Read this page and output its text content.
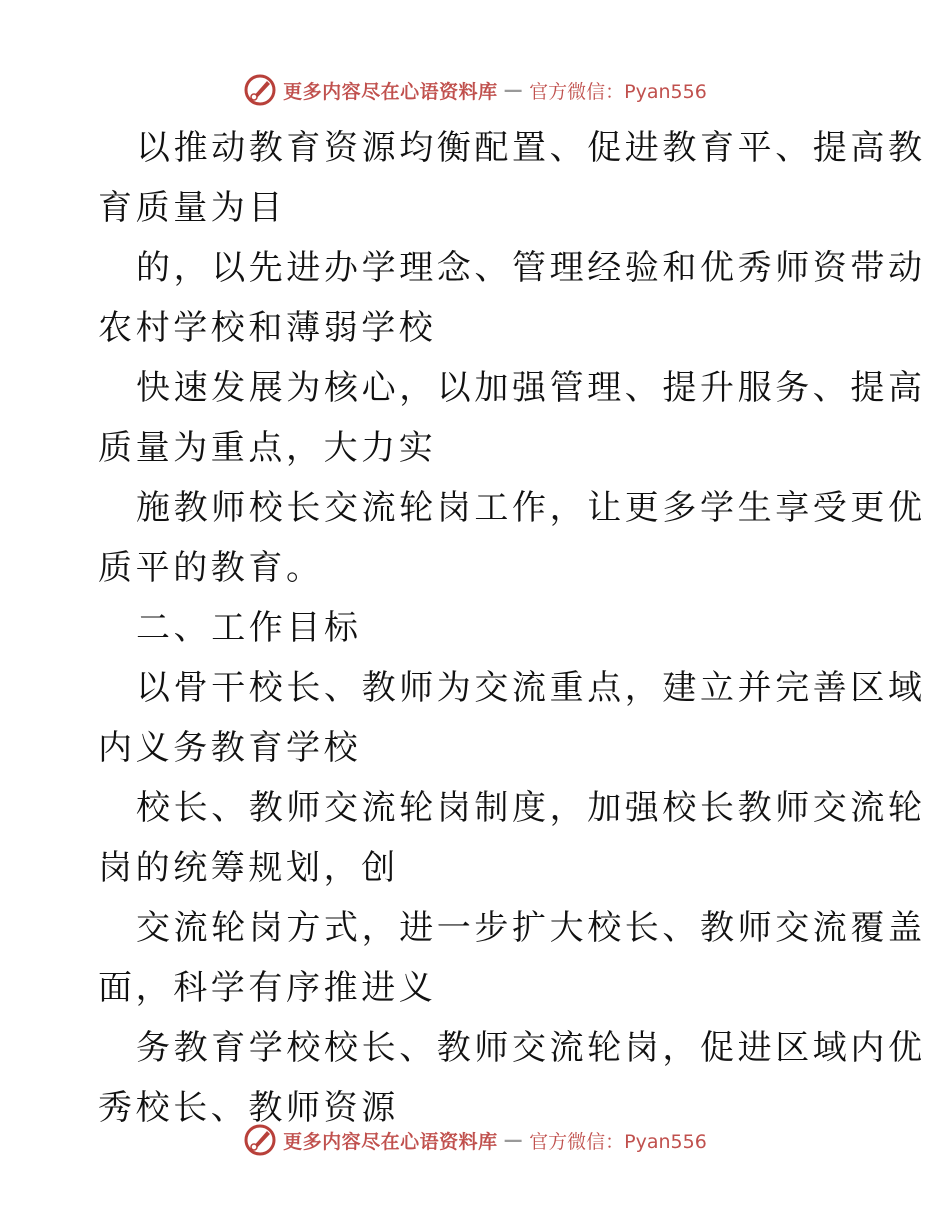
更多内容尽在心语资料库 — 官方微信：Pyan556
以推动教育资源均衡配置、促进教育平、提高教
育质量为目
的，以先进办学理念、管理经验和优秀师资带动
农村学校和薄弱学校
快速发展为核心，以加强管理、提升服务、提高
质量为重点，大力实
施教师校长交流轮岗工作，让更多学生享受更优
质平的教育。
二、工作目标
以骨干校长、教师为交流重点，建立并完善区域
内义务教育学校
校长、教师交流轮岗制度，加强校长教师交流轮
岗的统筹规划，创
交流轮岗方式，进一步扩大校长、教师交流覆盖
面，科学有序推进义
务教育学校校长、教师交流轮岗，促进区域内优
秀校长、教师资源
更多内容尽在心语资料库 — 官方微信：Pyan556
